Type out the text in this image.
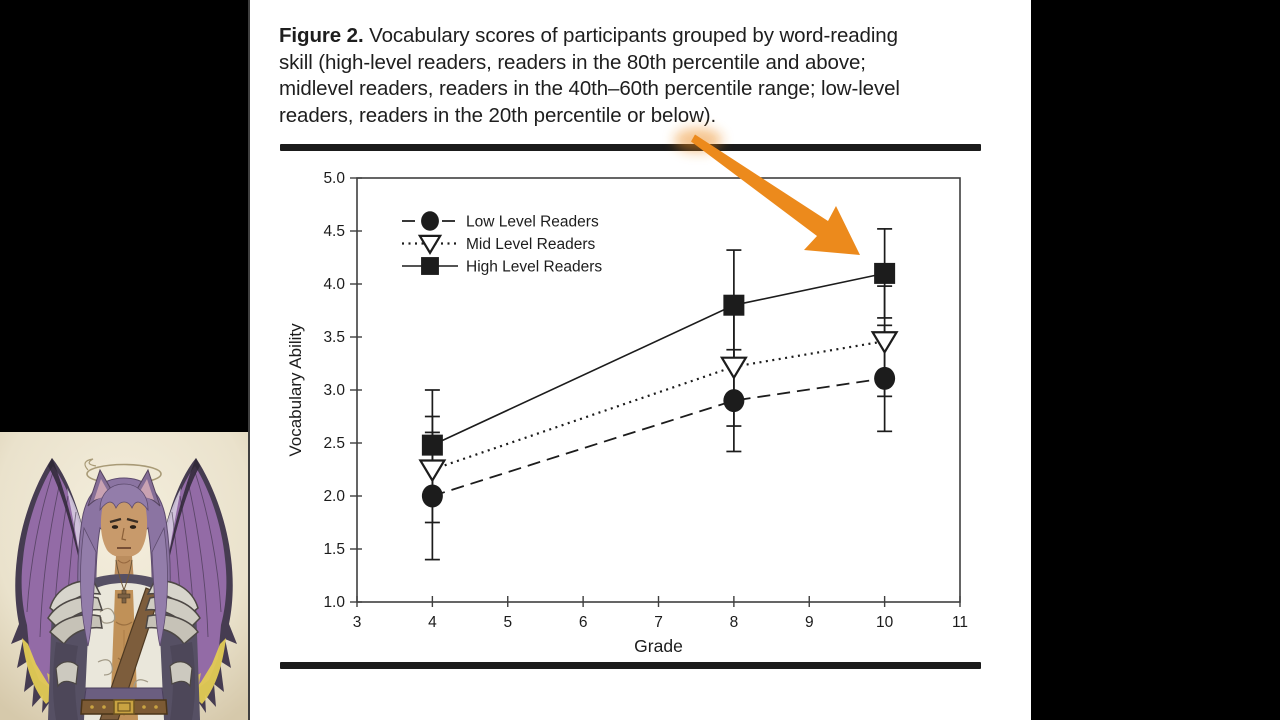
Figure 2. Vocabulary scores of participants grouped by word-reading
skill (high-level readers, readers in the 80th percentile and above;
midlevel readers, readers in the 40th–60th percentile range; low-level
readers, readers in the 20th percentile or below).
3	4	5	6	7	8	9	10	11
1.0
1.5
2.0
2.5
3.0
3.5
4.0
4.5
5.0
Grade
Vocabulary Ability
Low Level Readers
Mid Level Readers
High Level Readers
